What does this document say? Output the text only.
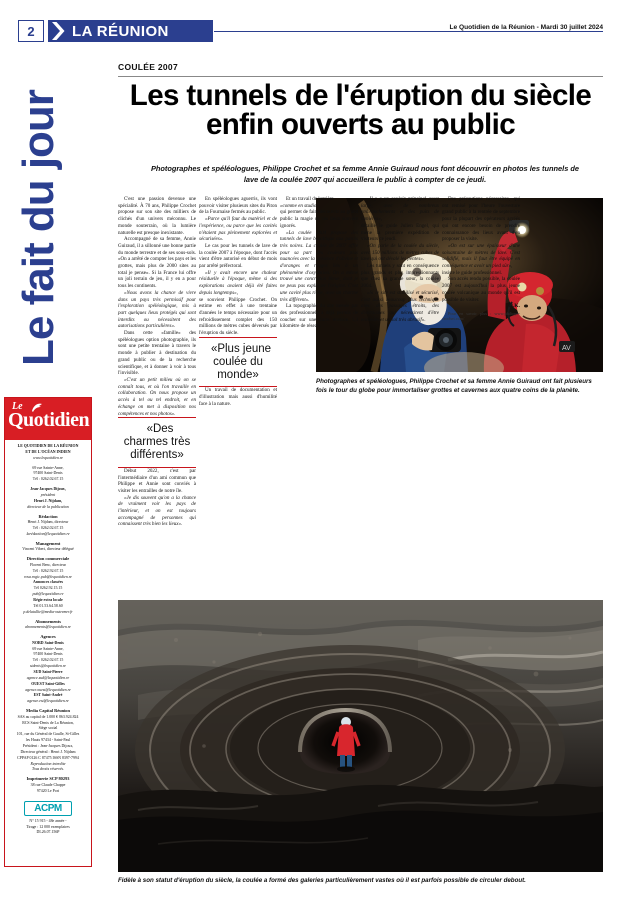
2	LA RÉUNION	Le Quotidien de la Réunion - Mardi 30 juillet 2024
Le fait du jour
Le
Quotidien
LE QUOTIDIEN DE LA RÉUNION
ET DE L'OCÉAN INDIEN
www.lequotidien.re
69 rue Sainte-Anne,
97400 Saint-Denis
Tél : 0262.02.67.15
Jean-Jacques Dijoux,
président
Henri J. Nijdam,
directeur de la publication
Rédaction
Henri J. Nijdam, directeur
Tél : 0262.02.67.15
larédaction@lequotidien.re
Management
Vincent Vibert, directeur délégué
Direction commerciale
Florent Benc, directeur
Tél : 0262.92.67.15
rosa.rogic.pub@lequotidien.re
Annonces classées
Tél 0262.92.15.15
pub@lequotidien.re
Régie extra locale
Tél 01.53.64.58.60
p.delatullie@media-outremer.fr
Abonnements
abonnements@lequotidien.re
Agences
NORD Saint-Denis
69 rue Sainte-Anne,
97400 Saint-Denis
Tél : 0262.02.67.15
stdenis@lequotidien.re
SUD Saint-Pierre
agence.sud@lequotidien.re
OUEST Saint-Gilles
agence.ouest@lequotidien.re
EST Saint-André
agence.est@lequotidien.re
Media Capital Réunion
SAS au capital de 1.000 € 863.924.824
RCS Saint-Denis de La Réunion,
Siège social
101, rue du Général de Gaulle, St-Gilles
les Hauts 97434 - Saint-Paul
Président : Jean-Jacques Dijoux,
Directeur général : Henri J. Nijdam
CPPAP 0126 C 87475 ISSN 8397-7994
Reproduction interdite
Tous droits réservés.
Imprimerie SCP 80293
38 rue Claude Chappe
97420 Le Port
ACPM
N° 15 915 - 48e année -
Tirage : 12 000 exemplaires
DL26.07.156P
COULÉE 2007
Les tunnels de l'éruption du siècle
enfin ouverts au public
Photographes et spéléologues, Philippe Crochet et sa femme Annie Guiraud nous font découvrir en photos les tunnels de lave de la coulée 2007 qui accueillera le public à compter de ce jeudi.
AV
Photographes et spéléologues, Philippe Crochet et sa femme Annie Guiraud ont fait plusieurs fois le tour du globe pour immortaliser grottes et cavernes aux quatre coins de la planète.
Fidèle à son statut d'éruption du siècle, la coulée a formé des galeries particulièrement vastes où il est parfois possible de circuler debout.

C'est une passion devenue une spécialité. À 70 ans, Philippe Crochet propose sur son site des milliers de clichés d'un univers méconnu. Le monde souterrain, où la lumière naturelle est presque inexistante.

Accompagné de sa femme, Annie Guiraud, il a sillonné une bonne partie du monde terrestre et de ses sous-sols. «On a arrêté de compter les pays et les grottes, mais plus de 2000 sites au total je pense». Si la France lui offre un joli terrain de jeu, il y en a pour tous les continents.

«Nous avons la chance de vivre dans un pays très permissif pour l'exploration spéléologique, mis à part quelques lieux protégés qui sont interdits ou nécessitent des autorisations particulières».

Dans cette «famille» des spéléologues option photographie, ils sont une petite trentaine à travers le monde à publier à destination du grand public ou de la recherche scientifique, et à donner à voir à tous l'invisible.

«C'est un petit milieu où on se connaît tous, et où l'on travaille en collaboration. On nous propose un accès à tel ou tel endroit, et en échange on met à disposition nos compétences et nos photos».

«Des charmes très différents»

Début 2022, c'est par l'intermédiaire d'un ami commun que Philippe et Annie sont conviés à visiter les entrailles de notre île.

«Je dis souvent qu'on a la chance de vraiment voir les pays de l'intérieur, et on est toujours accompagné de personnes qui connaissent très bien les lieux».

En spéléologues aguerris, ils vont pouvoir visiter plusieurs sites du Piton de la Fournaise fermés au public.

«Parce qu'il faut du matériel et de l'expérience, ou parce que les cavités n'étaient pas pleinement explorées et sécurisées».

Le cas pour les tunnels de lave de la coulée 2007 à l'époque, dont l'accès vient d'être autorisé en début de mois par arrêté préfectoral.

«Il y avait encore une chaleur résiduelle à l'époque, même si des explorations avaient déjà été faites depuis longtemps»,

se souvient Philippe Crochet. On estime en effet à une trentaine d'années le temps nécessaire pour un refroidissement complet des 150 millions de mètres cubes déversés par l'éruption du siècle.

«Plus jeune coulée du monde»

Un travail de documentation et d'illustration mais aussi d'humilité face à la nature.

Et un travail de lumière

«comme en studio»,

qui permet de faire découvrir au grand public la magie de ces lieux souvent ignorés.

«La coulée 2004 propose des tunnels de lave basaltique aux parois très noires. La coulée de 2007 offre pour sa part des couleurs plus nuancées avec la présence d'olivine et d'oranges et rouges liés à un phénomène d'oxydation. On a même trouvé une concrétion bleue, dont je ne peux pas expliquer l'origine. C'est une cavité plus riche, avec un charme très différent».

La topographie du site menée par des professionnels a déjà permis de coucher sur une carte environ 1,3 kilomètre de réseau.

«Il y a un couloir principal assez large, avec de nombreux embranchements et des puits de lumières»,

détaille le guide Julien Engel, qui mène la première expédition de visiteurs ce jeudi.

«On parle de la coulée du siècle, avec 150 millions de mètres cubes de lave qui ont dévalé les pentes».

Les tunnels y sont en conséquence plus grands et plus impressionnants que chez sa grande sœur, la coulée 2004.

«Si le site est stabilisé et sécurisé, c'est aussi beaucoup plus technique avec des passages étroits, des diverticules qui nécessitent d'être encordés et un sol très abrasif».

Des précautions nécessaires, qui ont remisé pour l'heure l'ouverture grand public à la rentrée de septembre pour la plupart des opérateurs agréés qui ont encore besoin de prendre connaissance des lieux avant d'en proposer la visite.

«On est sur une épaisseur d'une soixantaine de mètres de lave. C'est solidifié, mais il faut être équipé en conséquence et avoir un pied sûr»,

insiste le guide professionnel.

Son accès rendu possible, la coulée 2007 est aujourd'hui la plus jeune coulée volcanique au monde qu'il est possible de visiter.

D.K.

Pour en savoir plus : www.philippe-crochet.com/
